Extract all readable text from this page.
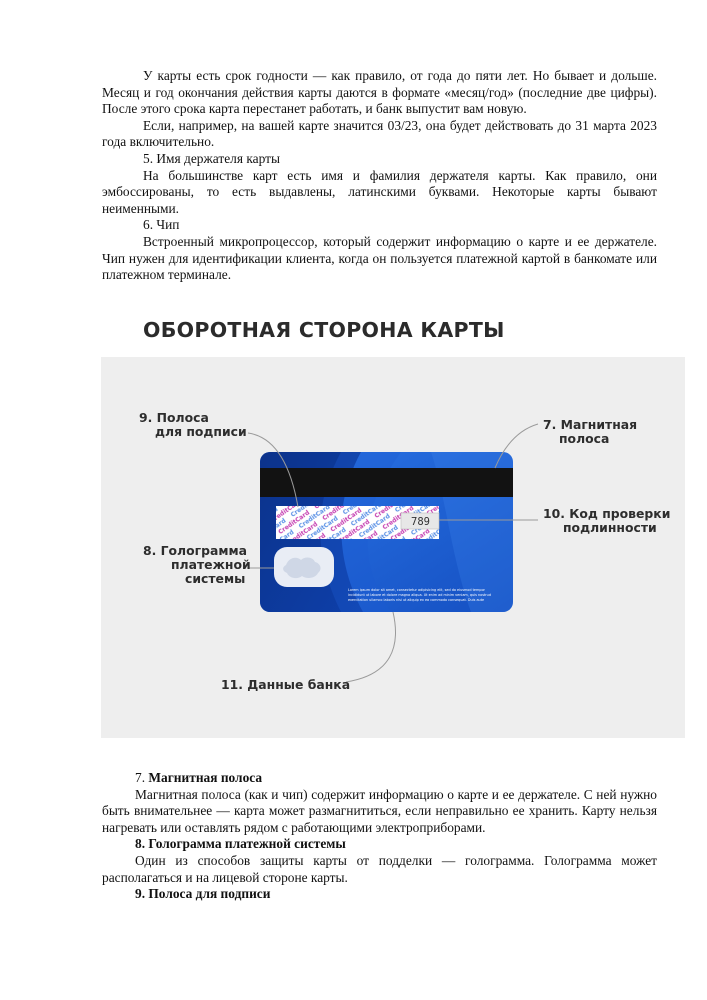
У карты есть срок годности — как правило, от года до пяти лет. Но бывает и дольше. Месяц и год окончания действия карты даются в формате «месяц/год» (последние две цифры). После этого срока карта перестанет работать, и банк выпустит вам новую.

Если, например, на вашей карте значится 03/23, она будет действовать до 31 марта 2023 года включительно.

5. Имя держателя карты

На большинстве карт есть имя и фамилия держателя карты. Как правило, они эмбоссированы, то есть выдавлены, латинскими буквами. Некоторые карты бывают неименными.

6. Чип

Встроенный микропроцессор, который содержит информацию о карте и ее держателе. Чип нужен для идентификации клиента, когда он пользуется платежной картой в банкомате или платежном терминале.

ОБОРОТНАЯ СТОРОНА КАРТЫ
789
Lorem ipsum dolor sit amet, consectetur adipisicing elit, sed do eiusmod tempor
incididunt ut labore et dolore magna aliqua. Ut enim ad minim veniam, quis nostrud
exercitation ullamco laboris nisi ut aliquip ex ea commodo consequat. Duis aute
9. Полоса
для подписи	7. Магнитная
полоса
10. Код проверки
подлинности
8. Голограмма
платежной
системы
11. Данные банка

7. Магнитная полоса

Магнитная полоса (как и чип) содержит информацию о карте и ее держателе. С ней нужно быть внимательнее — карта может размагнититься, если неправильно ее хранить. Карту нельзя нагревать или оставлять рядом с работающими электроприборами.

8. Голограмма платежной системы

Один из способов защиты карты от подделки — голограмма. Голограмма может располагаться и на лицевой стороне карты.

9. Полоса для подписи
